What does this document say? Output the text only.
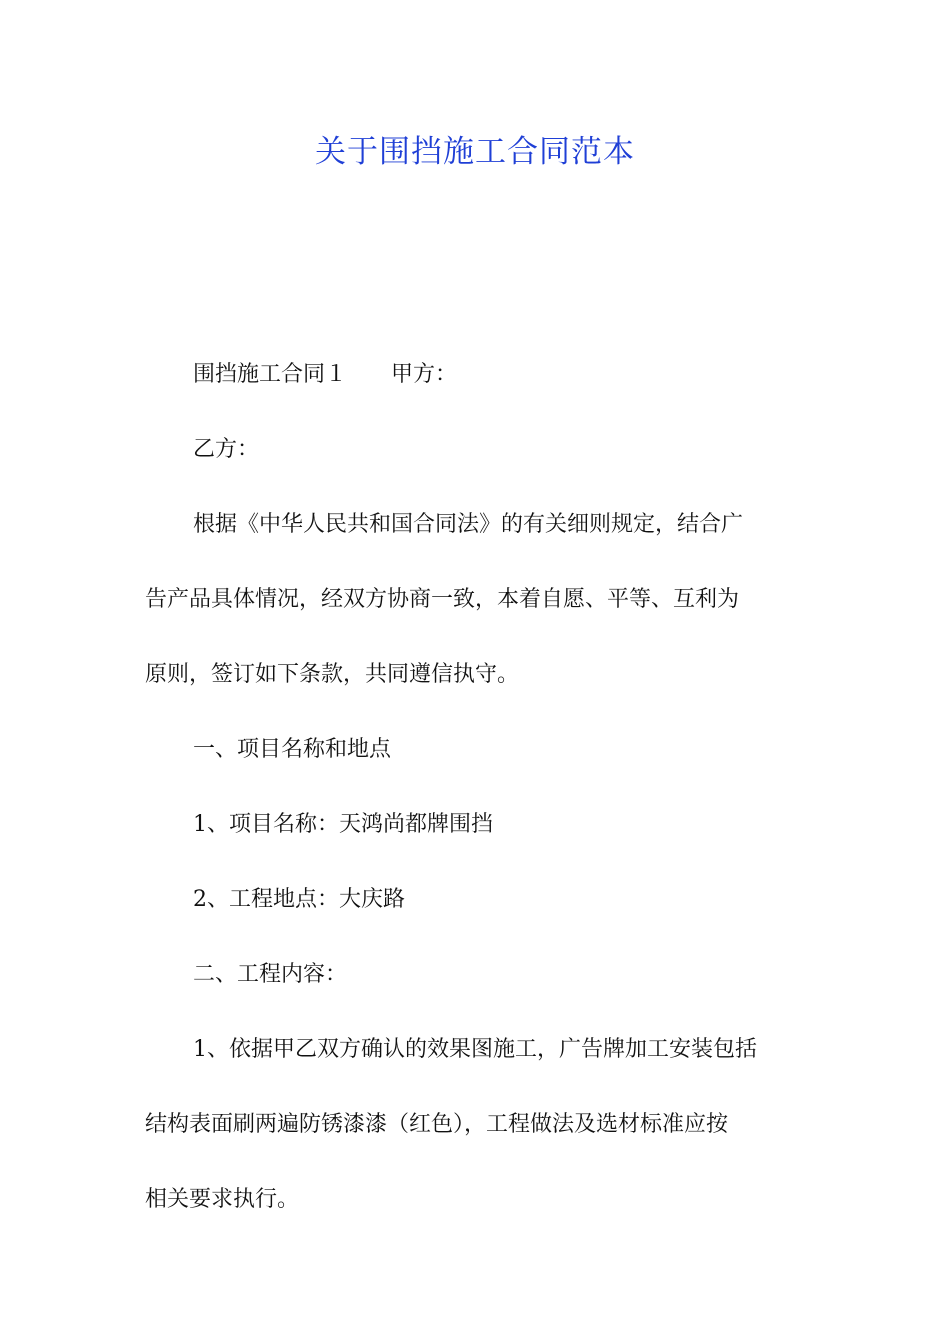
关于围挡施工合同范本

围挡施工合同１ 甲方：

乙方：

根据《中华人民共和国合同法》的有关细则规定，结合广

告产品具体情况，经双方协商一致，本着自愿、平等、互利为

原则，签订如下条款，共同遵信执守。

一、项目名称和地点

1、项目名称：天鸿尚都牌围挡

2、工程地点：大庆路

二、工程内容：

1、依据甲乙双方确认的效果图施工，广告牌加工安装包括

结构表面刷两遍防锈漆漆（红色），工程做法及选材标准应按

相关要求执行。
